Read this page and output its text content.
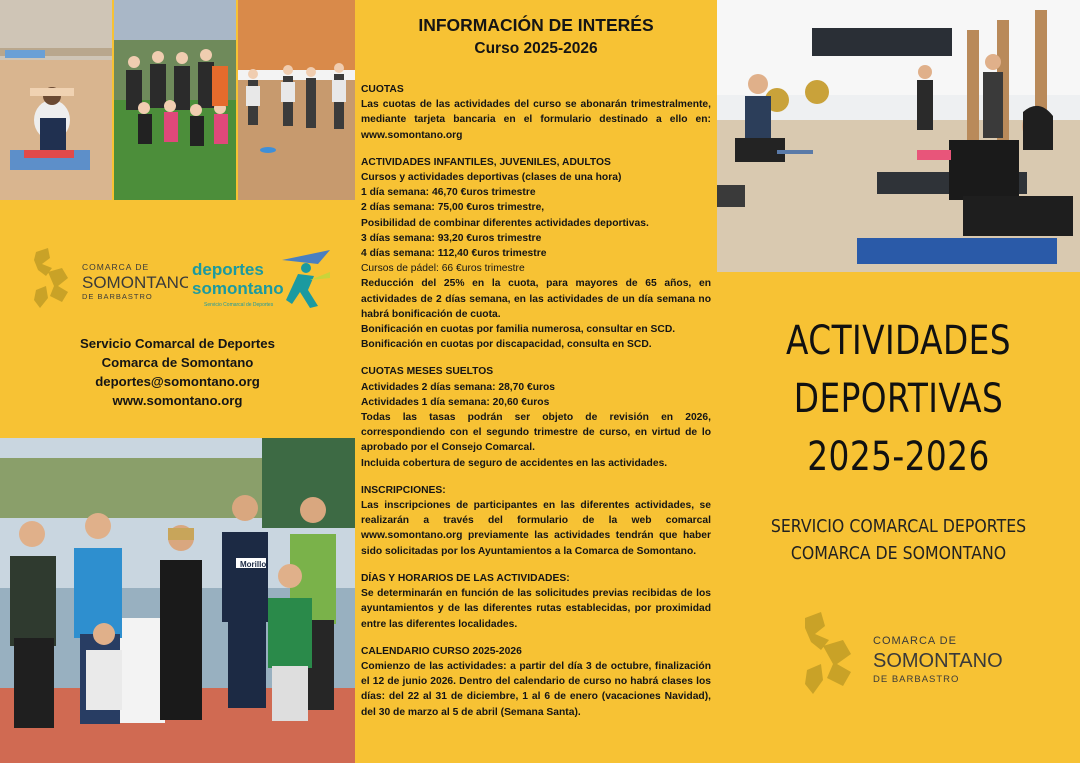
COMARCA DE
SOMONTANO
DE BARBASTRO
deportes
somontano
Servicio Comarcal de Deportes
Servicio Comarcal de Deportes
Comarca de Somontano
deportes@somontano.org
www.somontano.org
Morillo
INFORMACIÓN DE INTERÉS
Curso 2025-2026
CUOTAS

Las cuotas de las actividades del curso se abonarán trimestralmente, mediante tarjeta bancaria en el formulario destinado a ello en: www.somontano.org

ACTIVIDADES INFANTILES, JUVENILES, ADULTOS

Cursos y actividades deportivas (clases de una hora)

1 día semana: 46,70 €uros trimestre

2 días semana: 75,00 €uros trimestre,

Posibilidad de combinar diferentes actividades deportivas.

3 días semana: 93,20 €uros trimestre

4 días semana: 112,40 €uros trimestre

Cursos de pádel: 66 €uros trimestre

Reducción del 25% en la cuota, para mayores de 65 años, en actividades de 2 días semana, en las actividades de un día semana no habrá bonificación de cuota.

Bonificación en cuotas por familia numerosa, consultar en SCD.

Bonificación en cuotas por discapacidad, consulta en SCD.

CUOTAS MESES SUELTOS

Actividades 2 días semana: 28,70 €uros

Actividades 1 día semana: 20,60 €uros

Todas las tasas podrán ser objeto de revisión en 2026, correspondiendo con el segundo trimestre de curso, en virtud de lo aprobado por el Consejo Comarcal.

Incluida cobertura de seguro de accidentes en las actividades.

INSCRIPCIONES:

Las inscripciones de participantes en las diferentes actividades, se realizarán a través del formulario de la web comarcal www.somontano.org previamente las actividades tendrán que haber sido solicitadas por los Ayuntamientos a la Comarca de Somontano.

DÍAS Y HORARIOS DE LAS ACTIVIDADES:

Se determinarán en función de las solicitudes previas recibidas de los ayuntamientos y de las diferentes rutas establecidas, por proximidad entre las diferentes localidades.

CALENDARIO CURSO 2025-2026

Comienzo de las actividades: a partir del día 3 de octubre, finalización el 12 de junio 2026. Dentro del calendario de curso no habrá clases los días: del 22 al 31 de diciembre, 1 al 6 de enero (vacaciones Navidad), del 30 de marzo al 5 de abril (Semana Santa).

ACTIVIDADES
DEPORTIVAS
2025-2026
SERVICIO COMARCAL DEPORTES
COMARCA DE SOMONTANO
COMARCA DE
SOMONTANO
DE BARBASTRO
